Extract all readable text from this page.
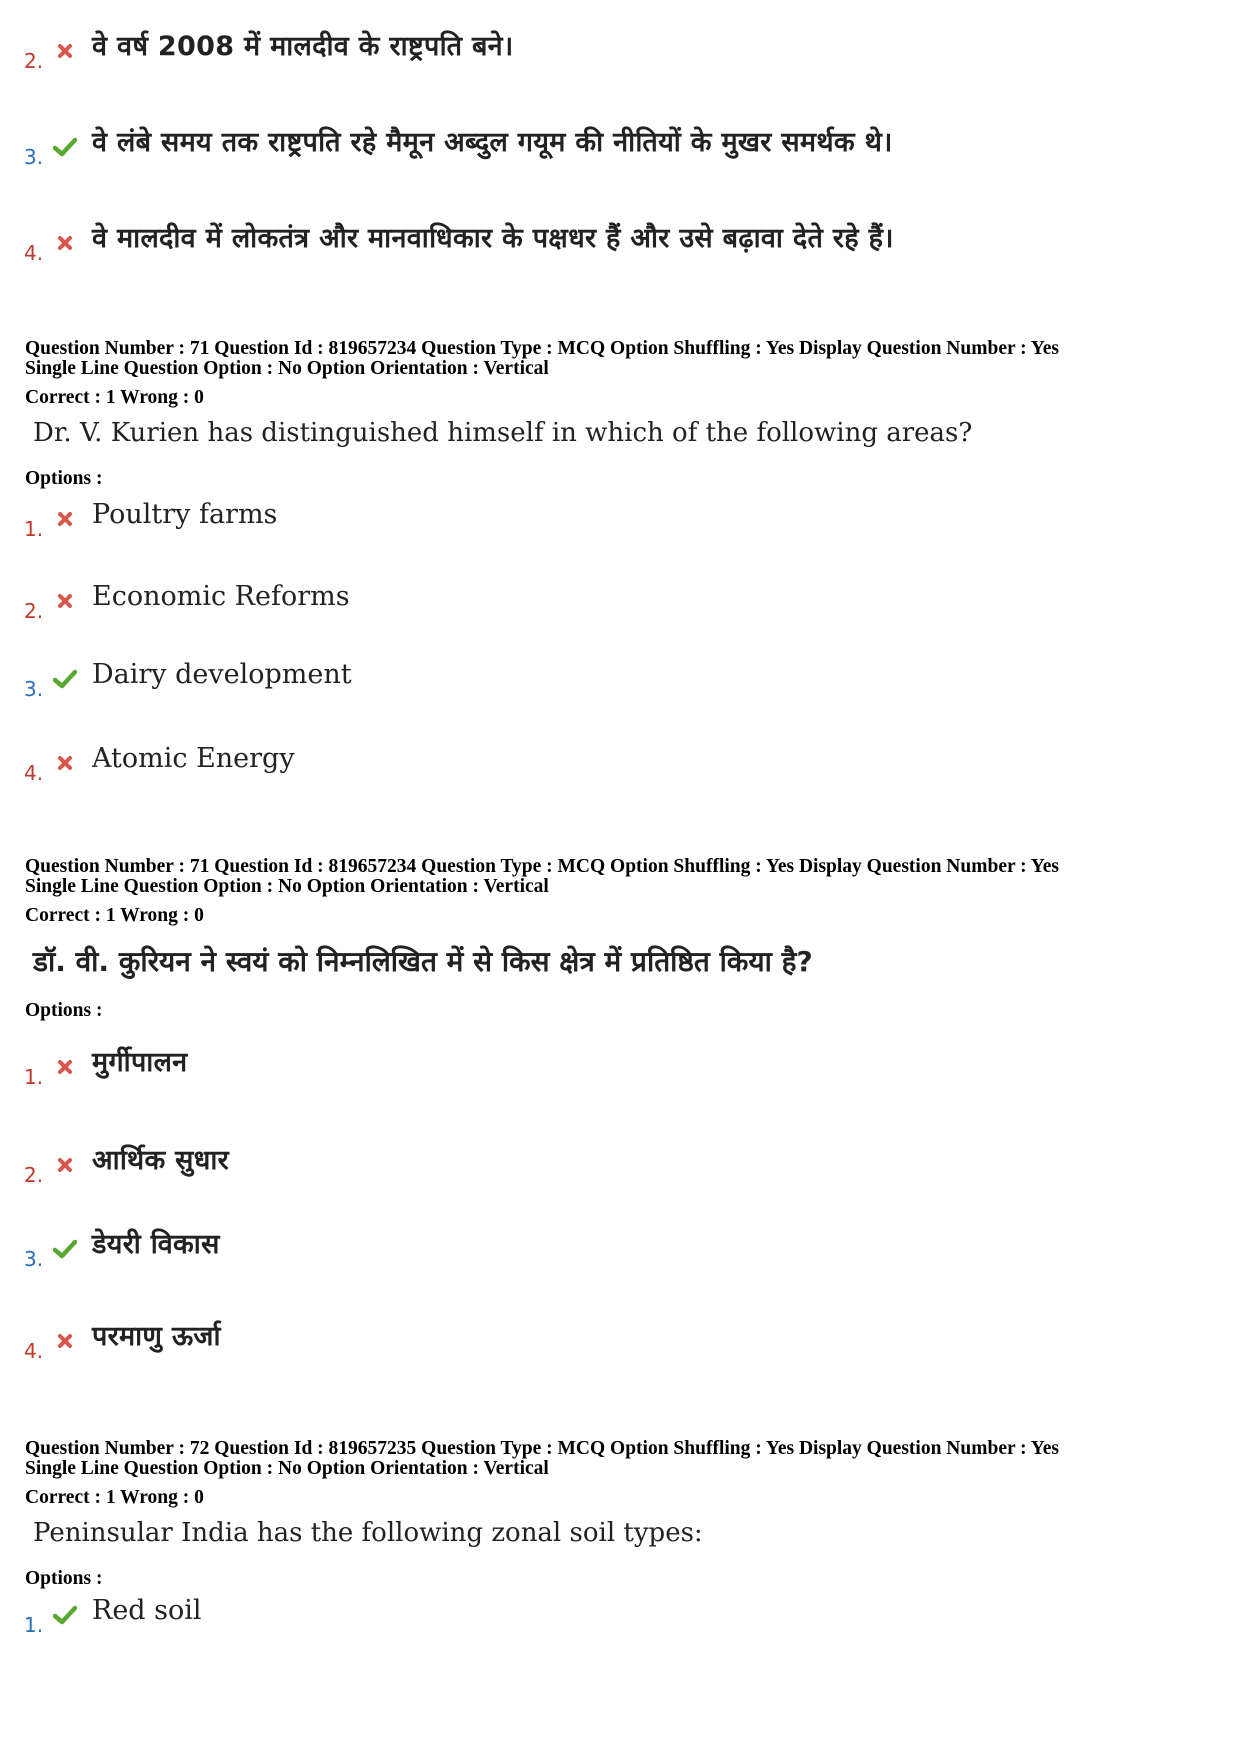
2. वे वर्ष 2008 में मालदीव के राष्ट्रपति बने।
3. वे लंबे समय तक राष्ट्रपति रहे मैमून अब्दुल गयूम की नीतियों के मुखर समर्थक थे।
4. वे मालदीव में लोकतंत्र और मानवाधिकार के पक्षधर हैं और उसे बढ़ावा देते रहे हैं।
Question Number : 71 Question Id : 819657234 Question Type : MCQ Option Shuffling : Yes Display Question Number : Yes
Single Line Question Option : No Option Orientation : Vertical
Correct : 1 Wrong : 0
Dr. V. Kurien has distinguished himself in which of the following areas?
Options :
1. Poultry farms
2. Economic Reforms
3. Dairy development
4. Atomic Energy
Question Number : 71 Question Id : 819657234 Question Type : MCQ Option Shuffling : Yes Display Question Number : Yes
Single Line Question Option : No Option Orientation : Vertical
Correct : 1 Wrong : 0
डॉ. वी. कुरियन ने स्वयं को निम्नलिखित में से किस क्षेत्र में प्रतिष्ठित किया है?
Options :
1. मुर्गीपालन
2. आर्थिक सुधार
3. डेयरी विकास
4. परमाणु ऊर्जा
Question Number : 72 Question Id : 819657235 Question Type : MCQ Option Shuffling : Yes Display Question Number : Yes
Single Line Question Option : No Option Orientation : Vertical
Correct : 1 Wrong : 0
Peninsular India has the following zonal soil types:
Options :
1. Red soil
